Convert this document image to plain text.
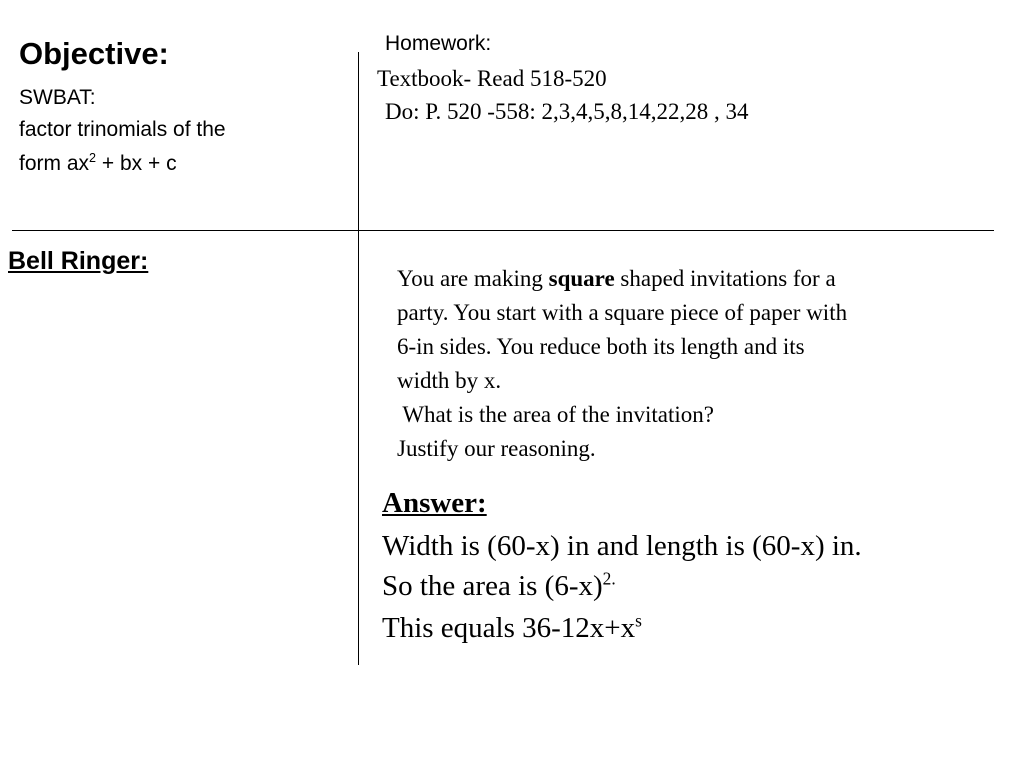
Objective:
SWBAT:
factor trinomials of the
form $ax^2$ + bx + c
Homework:
Textbook- Read 518-520
Do: P. 520 -558: 2,3,4,5,8,14,22,28 , 34
Bell Ringer:
You are making square shaped invitations for a
party. You start with a square piece of paper with
6-in sides. You reduce both its length and its
width by x.
What is the area of the invitation?
Justify our reasoning.
Answer:
Width is (60-x) in and length is (60-x) in.
So the area is $(6-x)^{2.}$
This equals $36-12x+x^s$
